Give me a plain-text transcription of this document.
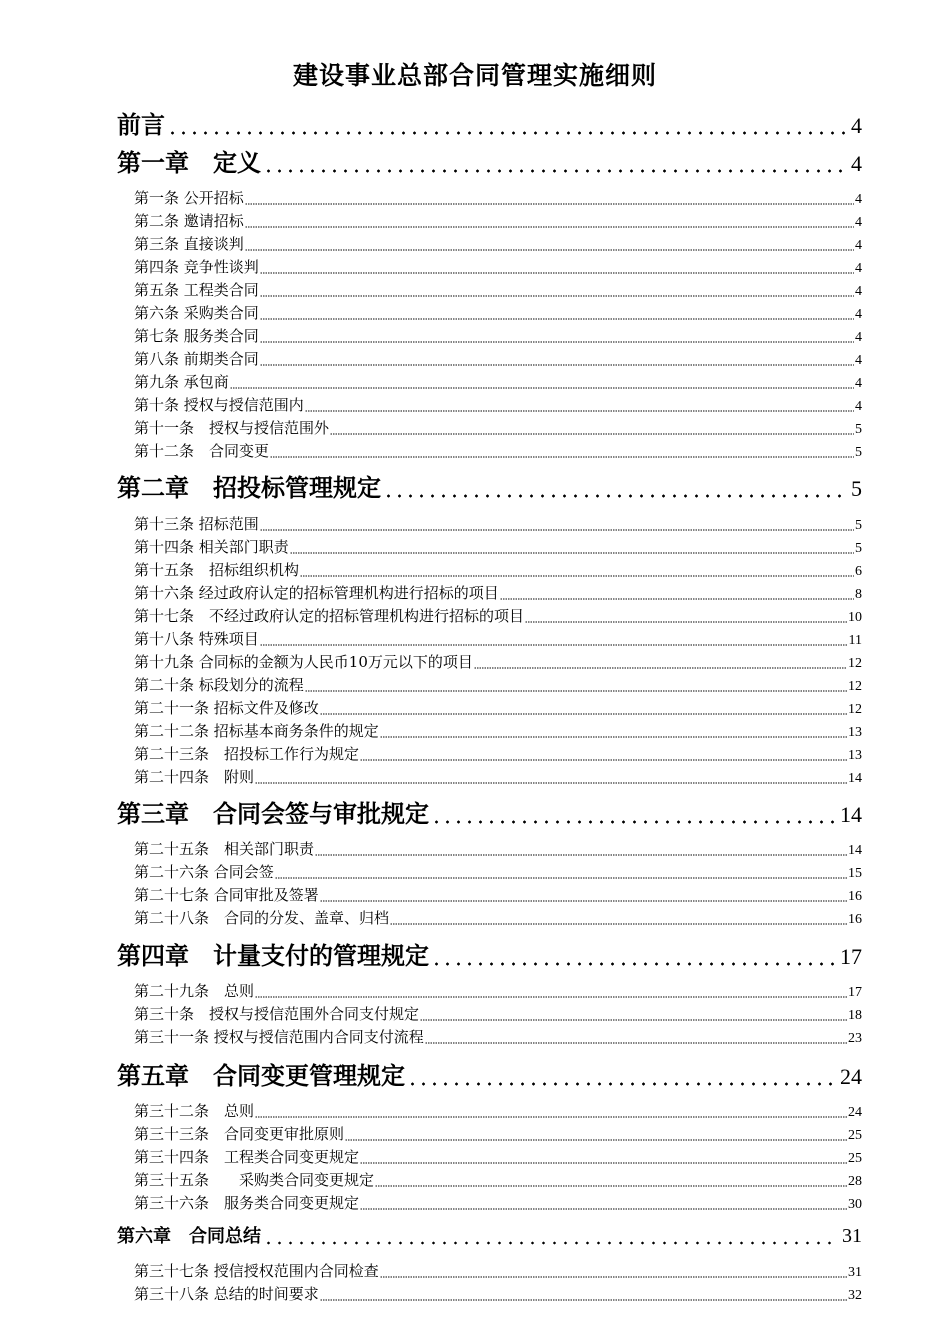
建设事业总部合同管理实施细则
前言	4
第一章　定义	4
第一条 公开招标	4
第二条 邀请招标	4
第三条 直接谈判	4
第四条 竞争性谈判	4
第五条 工程类合同	4
第六条 采购类合同	4
第七条 服务类合同	4
第八条 前期类合同	4
第九条 承包商	4
第十条 授权与授信范围内	4
第十一条　授权与授信范围外	5
第十二条　合同变更	5
第二章　招投标管理规定	5
第十三条 招标范围	5
第十四条 相关部门职责	5
第十五条　招标组织机构	6
第十六条 经过政府认定的招标管理机构进行招标的项目	8
第十七条　不经过政府认定的招标管理机构进行招标的项目	10
第十八条 特殊项目	11
第十九条 合同标的金额为人民币10万元以下的项目	12
第二十条 标段划分的流程	12
第二十一条 招标文件及修改	12
第二十二条 招标基本商务条件的规定	13
第二十三条　招投标工作行为规定	13
第二十四条　附则	14
第三章　合同会签与审批规定	14
第二十五条　相关部门职责	14
第二十六条 合同会签	15
第二十七条 合同审批及签署	16
第二十八条　合同的分发、盖章、归档	16
第四章　计量支付的管理规定	17
第二十九条　总则	17
第三十条　授权与授信范围外合同支付规定	18
第三十一条 授权与授信范围内合同支付流程	23
第五章　合同变更管理规定	24
第三十二条　总则	24
第三十三条　合同变更审批原则	25
第三十四条　工程类合同变更规定	25
第三十五条　　采购类合同变更规定	28
第三十六条　服务类合同变更规定	30
第六章　合同总结	31
第三十七条 授信授权范围内合同检查	31
第三十八条 总结的时间要求	32
